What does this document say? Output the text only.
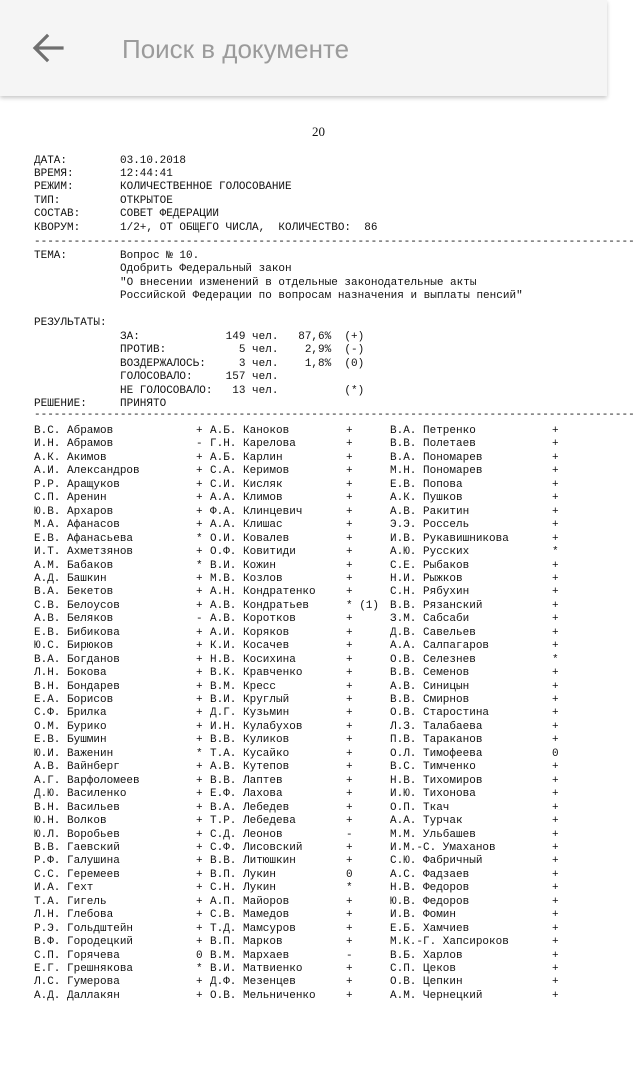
Поиск в документе
20
ДАТА:	03.10.2018
ВРЕМЯ:	12:44:41
РЕЖИМ:	КОЛИЧЕСТВЕННОЕ ГОЛОСОВАНИЕ
ТИП:	ОТКРЫТОЕ
СОСТАВ:	СОВЕТ ФЕДЕРАЦИИ
КВОРУМ:	1/2+, ОТ ОБЩЕГО ЧИСЛА,  КОЛИЧЕСТВО:  86
-------------------------------------------------------------------------------------------
ТЕМА:	Вопрос № 10.
Одобрить Федеральный закон
"О внесении изменений в отдельные законодательные акты
Российской Федерации по вопросам назначения и выплаты пенсий"
РЕЗУЛЬТАТЫ:
ЗА:             149 чел.   87,6%  (+)
ПРОТИВ:           5 чел.    2,9%  (-)
ВОЗДЕРЖАЛОСЬ:     3 чел.    1,8%  (0)
ГОЛОСОВАЛО:     157 чел.
НЕ ГОЛОСОВАЛО:   13 чел.          (*)
РЕШЕНИЕ:	ПРИНЯТО
-------------------------------------------------------------------------------------------
В.С. Абрамов	+ А.Б. Каноков	+	В.А. Петренко	+
И.Н. Абрамов	- Г.Н. Карелова	+	В.В. Полетаев	+
А.К. Акимов	+ А.Б. Карлин	+	В.А. Пономарев	+
А.И. Александров	+ С.А. Керимов	+	М.Н. Пономарев	+
Р.Р. Аращуков	+ С.И. Кисляк	+	Е.В. Попова	+
С.П. Аренин	+ А.А. Климов	+	А.К. Пушков	+
Ю.В. Архаров	+ Ф.А. Клинцевич	+	А.В. Ракитин	+
М.А. Афанасов	+ А.А. Клишас	+	Э.Э. Россель	+
Е.В. Афанасьева	* О.И. Ковалев	+	И.В. Рукавишникова	+
И.Т. Ахметзянов	+ О.Ф. Ковитиди	+	А.Ю. Русских	*
А.М. Бабаков	* В.И. Кожин	+	С.Е. Рыбаков	+
А.Д. Башкин	+ М.В. Козлов	+	Н.И. Рыжков	+
В.А. Бекетов	+ А.Н. Кондратенко	+	С.Н. Рябухин	+
С.В. Белоусов	+ А.В. Кондратьев	* (1) В.В. Рязанский	+
А.В. Беляков	- А.В. Коротков	+	З.М. Сабсаби	+
Е.В. Бибикова	+ А.И. Коряков	+	Д.В. Савельев	+
Ю.С. Бирюков	+ К.И. Косачев	+	А.А. Салпагаров	+
В.А. Богданов	+ Н.В. Косихина	+	О.В. Селезнев	*
Л.Н. Бокова	+ В.К. Кравченко	+	В.В. Семенов	+
В.Н. Бондарев	+ В.М. Кресс	+	А.В. Синицын	+
Е.А. Борисов	+ В.И. Круглый	+	В.В. Смирнов	+
С.Ф. Брилка	+ Д.Г. Кузьмин	+	О.В. Старостина	+
О.М. Бурико	+ И.Н. Кулабухов	+	Л.З. Талабаева	+
Е.В. Бушмин	+ В.В. Куликов	+	П.В. Тараканов	+
Ю.И. Важенин	* Т.А. Кусайко	+	О.Л. Тимофеева	0
А.В. Вайнберг	+ А.В. Кутепов	+	В.С. Тимченко	+
А.Г. Варфоломеев	+ В.В. Лаптев	+	Н.В. Тихомиров	+
Д.Ю. Василенко	+ Е.Ф. Лахова	+	И.Ю. Тихонова	+
В.Н. Васильев	+ В.А. Лебедев	+	О.П. Ткач	+
Ю.Н. Волков	+ Т.Р. Лебедева	+	А.А. Турчак	+
Ю.Л. Воробьев	+ С.Д. Леонов	-	М.М. Ульбашев	+
В.В. Гаевский	+ С.Ф. Лисовский	+	И.М.-С. Умаханов	+
Р.Ф. Галушина	+ В.В. Литюшкин	+	С.Ю. Фабричный	+
С.С. Геремеев	+ В.П. Лукин	0	А.С. Фадзаев	+
И.А. Гехт	+ С.Н. Лукин	*	Н.В. Федоров	+
Т.А. Гигель	+ А.П. Майоров	+	Ю.В. Федоров	+
Л.Н. Глебова	+ С.В. Мамедов	+	И.В. Фомин	+
Р.Э. Гольдштейн	+ Т.Д. Мамсуров	+	Е.Б. Хамчиев	+
В.Ф. Городецкий	+ В.П. Марков	+	М.К.-Г. Хапсироков	+
С.П. Горячева	0 В.М. Мархаев	-	В.Б. Харлов	+
Е.Г. Грешнякова	* В.И. Матвиенко	+	С.П. Цеков	+
Л.С. Гумерова	+ Д.Ф. Мезенцев	+	О.В. Цепкин	+
А.Д. Даллакян	+ О.В. Мельниченко	+	А.М. Чернецкий	+
